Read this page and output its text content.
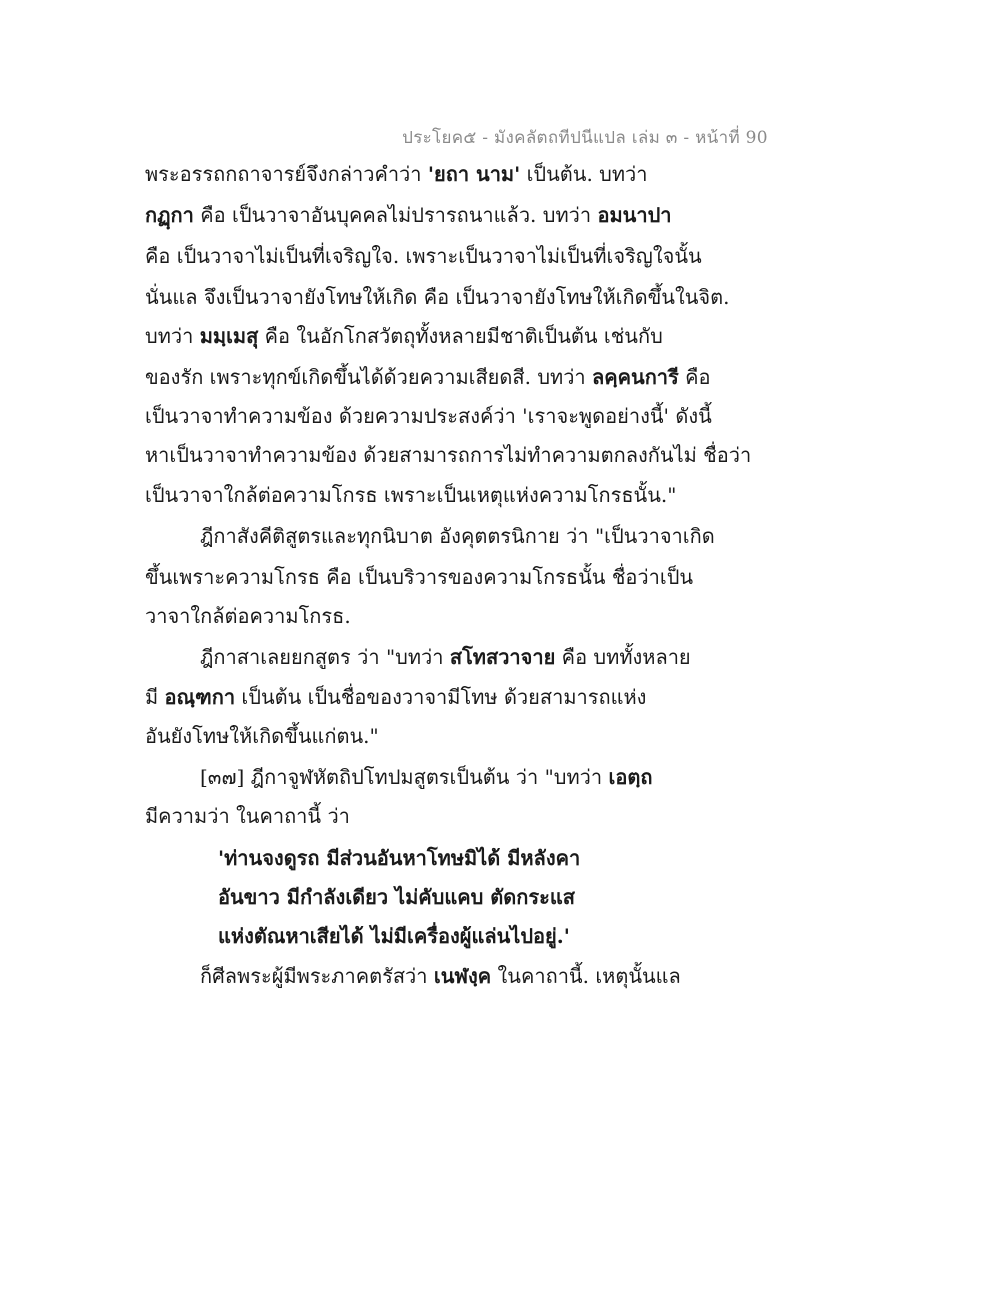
ประโยค๕ - มังคลัตถทีปนีแปล เล่ม ๓ - หน้าที่ 90
พระอรรถกถาจารย์จึงกล่าวคำว่า 'ยถา นาม' เป็นต้น. บทว่า
กฏฺกา คือ เป็นวาจาอันบุคคลไม่ปรารถนาแล้ว. บทว่า อมนาปา
คือ เป็นวาจาไม่เป็นที่เจริญใจ. เพราะเป็นวาจาไม่เป็นที่เจริญใจนั้น
นั่นแล จึงเป็นวาจายังโทษให้เกิด คือ เป็นวาจายังโทษให้เกิดขึ้นในจิต.
บทว่า มมฺเมสุ คือ ในอักโกสวัตถุทั้งหลายมีชาติเป็นต้น เช่นกับ
ของรัก เพราะทุกข์เกิดขึ้นได้ด้วยความเสียดสี. บทว่า ลคฺคนการี คือ
เป็นวาจาทำความข้อง ด้วยความประสงค์ว่า 'เราจะพูดอย่างนี้' ดังนี้
หาเป็นวาจาทำความข้อง ด้วยสามารถการไม่ทำความตกลงกันไม่ ชื่อว่า
เป็นวาจาใกล้ต่อความโกรธ เพราะเป็นเหตุแห่งความโกรธนั้น."
ฎีกาสังคีติสูตรและทุกนิบาต อังคุตตรนิกาย ว่า "เป็นวาจาเกิด
ขึ้นเพราะความโกรธ คือ เป็นบริวารของความโกรธนั้น ชื่อว่าเป็น
วาจาใกล้ต่อความโกรธ.
ฎีกาสาเลยยกสูตร ว่า "บทว่า สโทสวาจาย คือ บททั้งหลาย
มี อณฺฑกา เป็นต้น เป็นชื่อของวาจามีโทษ ด้วยสามารถแห่ง
อันยังโทษให้เกิดขึ้นแก่ตน."
[๓๗] ฎีกาจูฬหัตถิปโทปมสูตรเป็นต้น ว่า "บทว่า เอตฺถ
มีความว่า ในคาถานี้ ว่า
'ท่านจงดูรถ มีส่วนอันหาโทษมิได้ มีหลังคา
อันขาว มีกำลังเดียว ไม่คับแคบ ตัดกระแส
แห่งตัณหาเสียได้ ไม่มีเครื่องผู้แล่นไปอยู่.'
ก็ศีลพระผู้มีพระภาคตรัสว่า เนฬงฺค ในคาถานี้. เหตุนั้นแล
